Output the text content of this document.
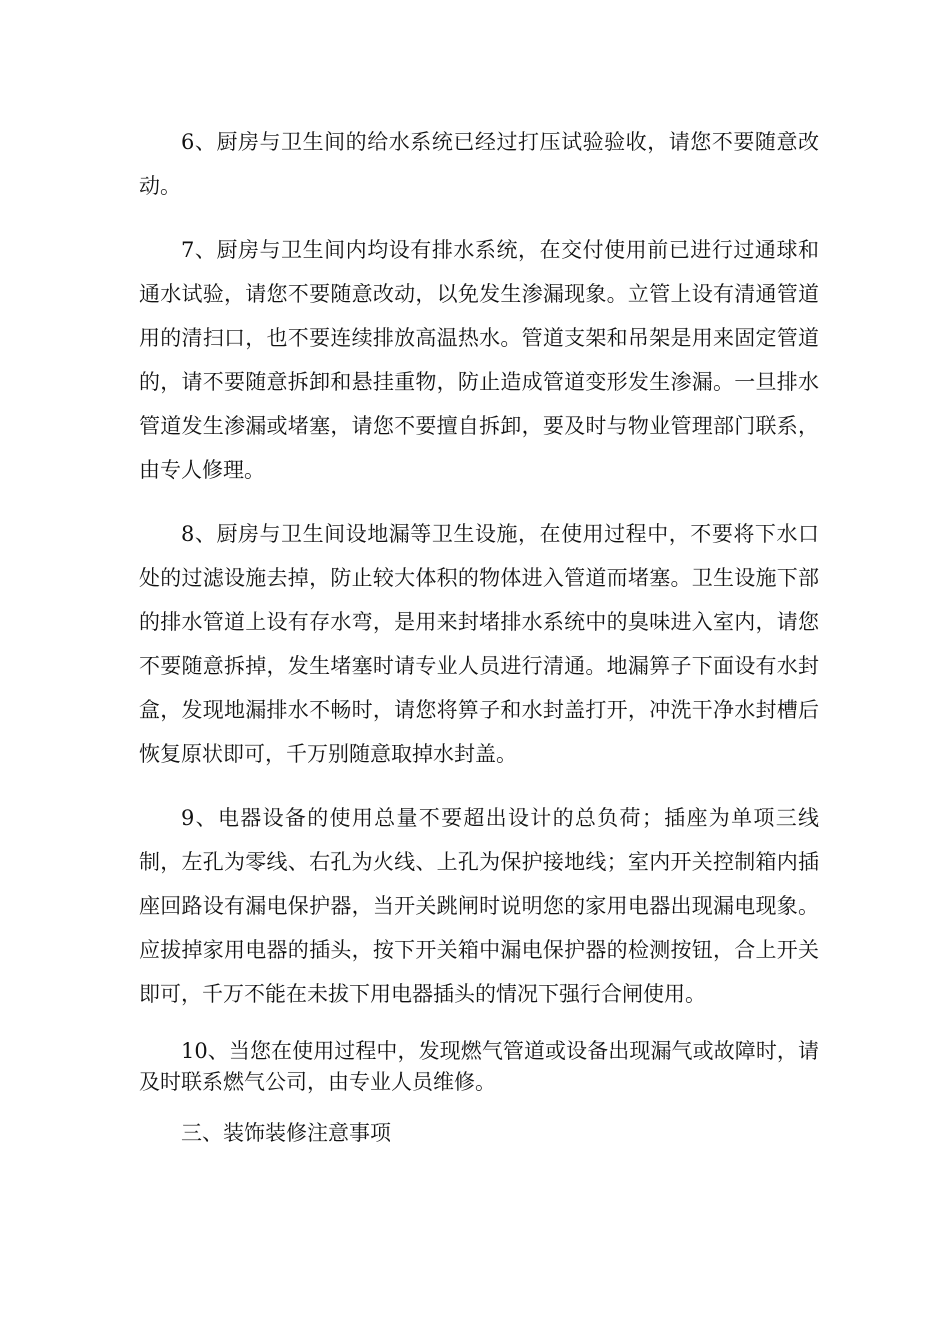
6、厨房与卫生间的给水系统已经过打压试验验收，请您不要随意改动。

7、厨房与卫生间内均设有排水系统，在交付使用前已进行过通球和通水试验，请您不要随意改动，以免发生渗漏现象。立管上设有清通管道用的清扫口，也不要连续排放高温热水。管道支架和吊架是用来固定管道的，请不要随意拆卸和悬挂重物，防止造成管道变形发生渗漏。一旦排水管道发生渗漏或堵塞，请您不要擅自拆卸，要及时与物业管理部门联系，由专人修理。

8、厨房与卫生间设地漏等卫生设施，在使用过程中，不要将下水口处的过滤设施去掉，防止较大体积的物体进入管道而堵塞。卫生设施下部的排水管道上设有存水弯，是用来封堵排水系统中的臭味进入室内，请您不要随意拆掉，发生堵塞时请专业人员进行清通。地漏箅子下面设有水封盒，发现地漏排水不畅时，请您将箅子和水封盖打开，冲洗干净水封槽后恢复原状即可，千万别随意取掉水封盖。

9、电器设备的使用总量不要超出设计的总负荷；插座为单项三线制，左孔为零线、右孔为火线、上孔为保护接地线；室内开关控制箱内插座回路设有漏电保护器，当开关跳闸时说明您的家用电器出现漏电现象。应拔掉家用电器的插头，按下开关箱中漏电保护器的检测按钮，合上开关即可，千万不能在未拔下用电器插头的情况下强行合闸使用。

10、当您在使用过程中，发现燃气管道或设备出现漏气或故障时，请及时联系燃气公司，由专业人员维修。

三、装饰装修注意事项
